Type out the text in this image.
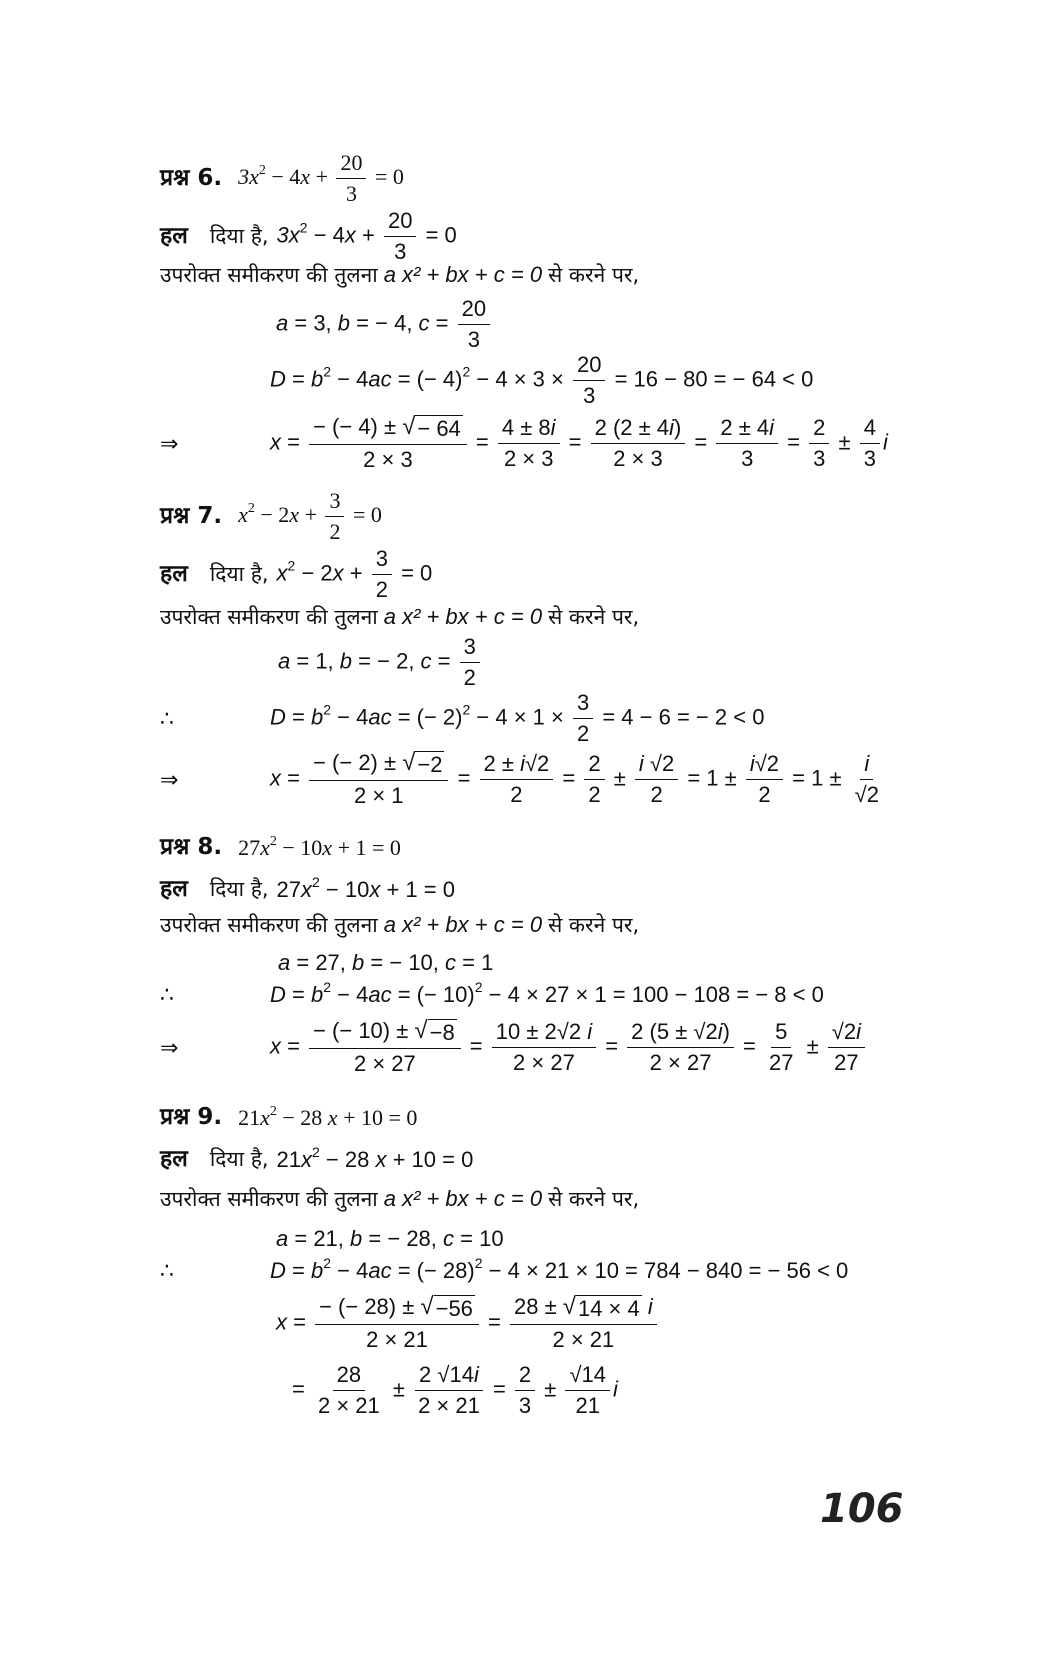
प्रश्न 6. $3x^2 - 4x + \frac{20}{3} = 0$
हल दिया है, $3x^2 - 4x + \frac{20}{3} = 0$
उपरोक्त समीकरण की तुलना a x² + bx + c = 0 से करने पर,
a = 3, b = − 4, $c = \frac{20}{3}$
$D = b^2 - 4ac$ = (− $4)^2 - 4 \times 3 \times \frac{20}{3} = 16 - 80$ = − 64 < 0
⇒	$x = \frac{- (- 4) \pm √ - 64}{2 \times 3} = \frac{4 \pm 8i}{2 \times 3} = \frac{2 (2 \pm 4i)}{2 \times 3} = \frac{2 \pm 4i}{3} = \frac{2}{3} \pm \frac{4}{3}$ i
प्रश्न 7. $x^2 - 2x + \frac{3}{2} = 0$
हल दिया है, $x^2 - 2x + \frac{3}{2} = 0$
उपरोक्त समीकरण की तुलना a x² + bx + c = 0 से करने पर,
a = 1, b = − 2, $c = \frac{3}{2}$
∴	$D = b^2 - 4ac$ = (− $2)^2 - 4 \times 1 \times \frac{3}{2} = 4 - 6$ = − 2 < 0
⇒	$x = \frac{- (- 2) \pm √ -2}{2 \times 1} = \frac{2 \pm i√2}{2} = \frac{2}{2} \pm \frac{i √2}{2} = 1 \pm \frac{i√2}{2} = 1 \pm \frac{i}{√2}$
प्रश्न 8. $27x^2 - 10x + 1 = 0$
हल दिया है, $27x^2 - 10x + 1 = 0$
उपरोक्त समीकरण की तुलना a x² + bx + c = 0 से करने पर,
a = 27, b = − 10, c = 1
∴	$D = b^2 - 4ac$ = (− 10)$^2$ − 4 × 27 × 1 = 100 − 108 = − 8 < 0
⇒	$x = \frac{- (- 10) \pm √ -8}{2 \times 27} = \frac{10 \pm 2√2 i}{2 \times 27} = \frac{2 (5 \pm √2i)}{2 \times 27} = \frac{5}{27} \pm \frac{√2i}{27}$
प्रश्न 9. $21x^2 - 28$ x + 10 = 0
हल दिया है, $21x^2 - 28$ x + 10 = 0
उपरोक्त समीकरण की तुलना a x² + bx + c = 0 से करने पर,
a = 21, b = − 28, c = 10
∴	$D = b^2 - 4ac$ = (− 28)$^2$ − 4 × 21 × 10 = 784 − 840 = − 56 < 0
$x = \frac{- (- 28) \pm √ -56}{2 \times 21} = \frac{28 \pm √ 14 \times 4 i}{2 \times 21}$
= $\frac{28}{2 \times 21} \pm \frac{2 √14i}{2 \times 21} = \frac{2}{3} \pm \frac{√14}{21}$ i
106
